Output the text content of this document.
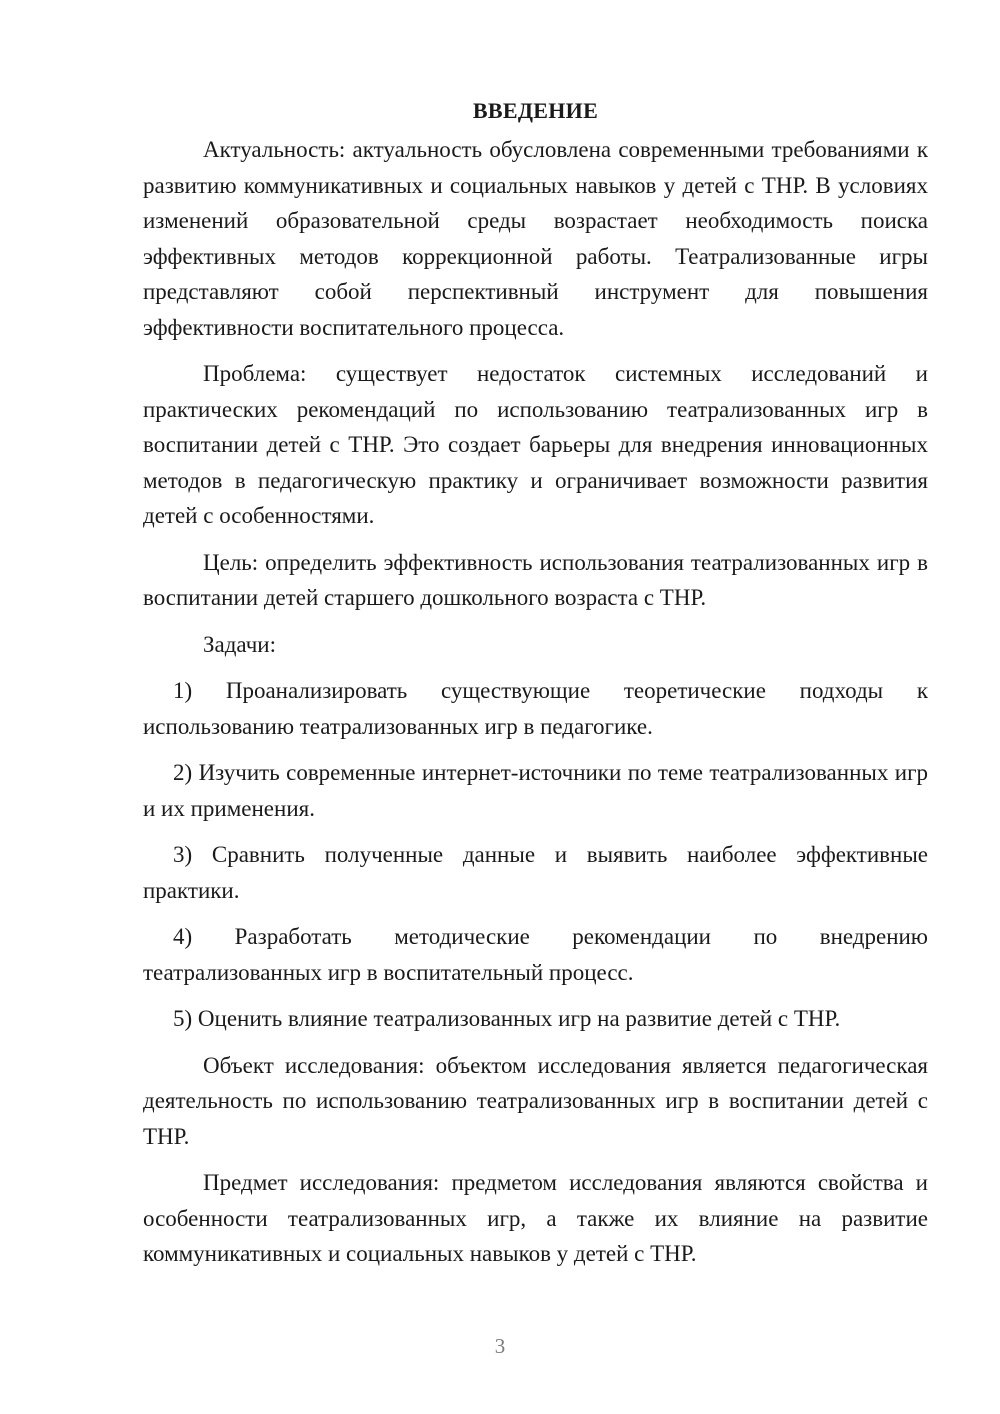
ВВЕДЕНИЕ

Актуальность: актуальность обусловлена современными требованиями к развитию коммуникативных и социальных навыков у детей с ТНР. В условиях изменений образовательной среды возрастает необходимость поиска эффективных методов коррекционной работы. Театрализованные игры представляют собой перспективный инструмент для повышения эффективности воспитательного процесса.

Проблема: существует недостаток системных исследований и практических рекомендаций по использованию театрализованных игр в воспитании детей с ТНР. Это создает барьеры для внедрения инновационных методов в педагогическую практику и ограничивает возможности развития детей с особенностями.

Цель: определить эффективность использования театрализованных игр в воспитании детей старшего дошкольного возраста с ТНР.

Задачи:

1) Проанализировать существующие теоретические подходы к использованию театрализованных игр в педагогике.

2) Изучить современные интернет-источники по теме театрализованных игр и их применения.

3) Сравнить полученные данные и выявить наиболее эффективные практики.

4) Разработать методические рекомендации по внедрению театрализованных игр в воспитательный процесс.

5) Оценить влияние театрализованных игр на развитие детей с ТНР.

Объект исследования: объектом исследования является педагогическая деятельность по использованию театрализованных игр в воспитании детей с ТНР.

Предмет исследования: предметом исследования являются свойства и особенности театрализованных игр, а также их влияние на развитие коммуникативных и социальных навыков у детей с ТНР.

3
